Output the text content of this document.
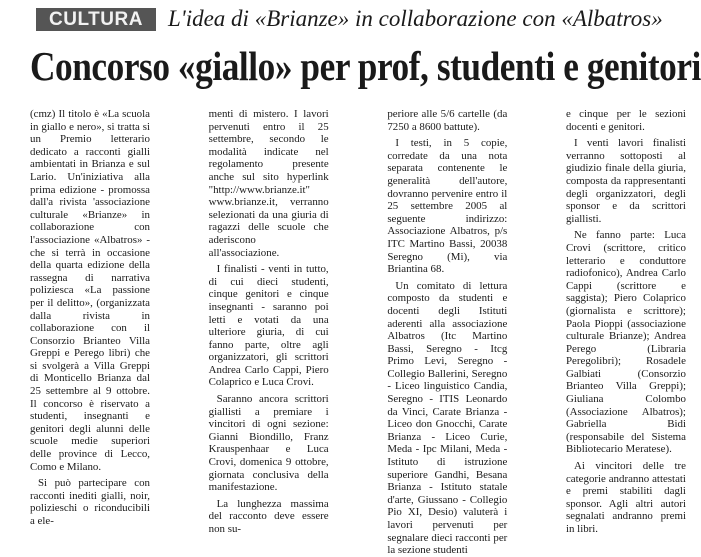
CULTURA	L'idea di «Brianze» in collaborazione con «Albatros»
Concorso «giallo» per prof, studenti e genitori

(cmz) Il titolo è «La scuola in giallo e nero», si tratta si un Premio letterario dedicato a racconti gialli ambientati in Brianza e sul Lario. Un'iniziativa alla prima edizione - promossa dall'a rivista 'associazione culturale «Brianze» in collaborazione con l'associazione «Albatros» - che si terrà in occasione della quarta edizione della rassegna di narrativa poliziesca «La passione per il delitto», (organizzata dalla rivista in collaborazione con il Consorzio Brianteo Villa Greppi e Perego libri) che si svolgerà a Villa Greppi di Monticello Brianza dal 25 settembre al 9 ottobre. Il concorso è riservato a studenti, insegnanti e genitori degli alunni delle scuole medie superiori delle province di Lecco, Como e Milano.

Si può partecipare con racconti inediti gialli, noir, polizieschi o riconducibili a ele-

menti di mistero. I lavori pervenuti entro il 25 settembre, secondo le modalità indicate nel regolamento presente anche sul sito hyperlink "http://www.brianze.it" www.brianze.it, verranno selezionati da una giuria di ragazzi delle scuole che aderiscono all'associazione.

I finalisti - venti in tutto, di cui dieci studenti, cinque genitori e cinque insegnanti - saranno poi letti e votati da una ulteriore giuria, di cui fanno parte, oltre agli organizzatori, gli scrittori Andrea Carlo Cappi, Piero Colaprico e Luca Crovi.

Saranno ancora scrittori giallisti a premiare i vincitori di ogni sezione: Gianni Biondillo, Franz Krauspenhaar e Luca Crovi, domenica 9 ottobre, giornata conclusiva della manifestazione.

La lunghezza massima del racconto deve essere non su-

periore alle 5/6 cartelle (da 7250 a 8600 battute).

I testi, in 5 copie, corredate da una nota separata contenente le generalità dell'autore, dovranno pervenire entro il 25 settembre 2005 al seguente indirizzo: Associazione Albatros, p/s ITC Martino Bassi, 20038 Seregno (Mi), via Briantina 68.

Un comitato di lettura composto da studenti e docenti degli Istituti aderenti alla associazione Albatros (Itc Martino Bassi, Seregno - Itcg Primo Levi, Seregno - Collegio Ballerini, Seregno - Liceo linguistico Candia, Seregno - ITIS Leonardo da Vinci, Carate Brianza - Liceo don Gnocchi, Carate Brianza - Liceo Curie, Meda - Ipc Milani, Meda - Istituto di istruzione superiore Gandhi, Besana Brianza - Istituto statale d'arte, Giussano - Collegio Pio XI, Desio) valuterà i lavori pervenuti per segnalare dieci racconti per la sezione studenti

e cinque per le sezioni docenti e genitori.

I venti lavori finalisti verranno sottoposti al giudizio finale della giuria, composta da rappresentanti degli organizzatori, degli sponsor e da scrittori giallisti.

Ne fanno parte: Luca Crovi (scrittore, critico letterario e conduttore radiofonico), Andrea Carlo Cappi (scrittore e saggista); Piero Colaprico (giornalista e scrittore); Paola Pioppi (associazione culturale Brianze); Andrea Perego (Libraria Peregolibri); Rosadele Galbiati (Consorzio Brianteo Villa Greppi); Giuliana Colombo (Associazione Albatros); Gabriella Bidi (responsabile del Sistema Bibliotecario Meratese).

Ai vincitori delle tre categorie andranno attestati e premi stabiliti dagli sponsor. Agli altri autori segnalati andranno premi in libri.
